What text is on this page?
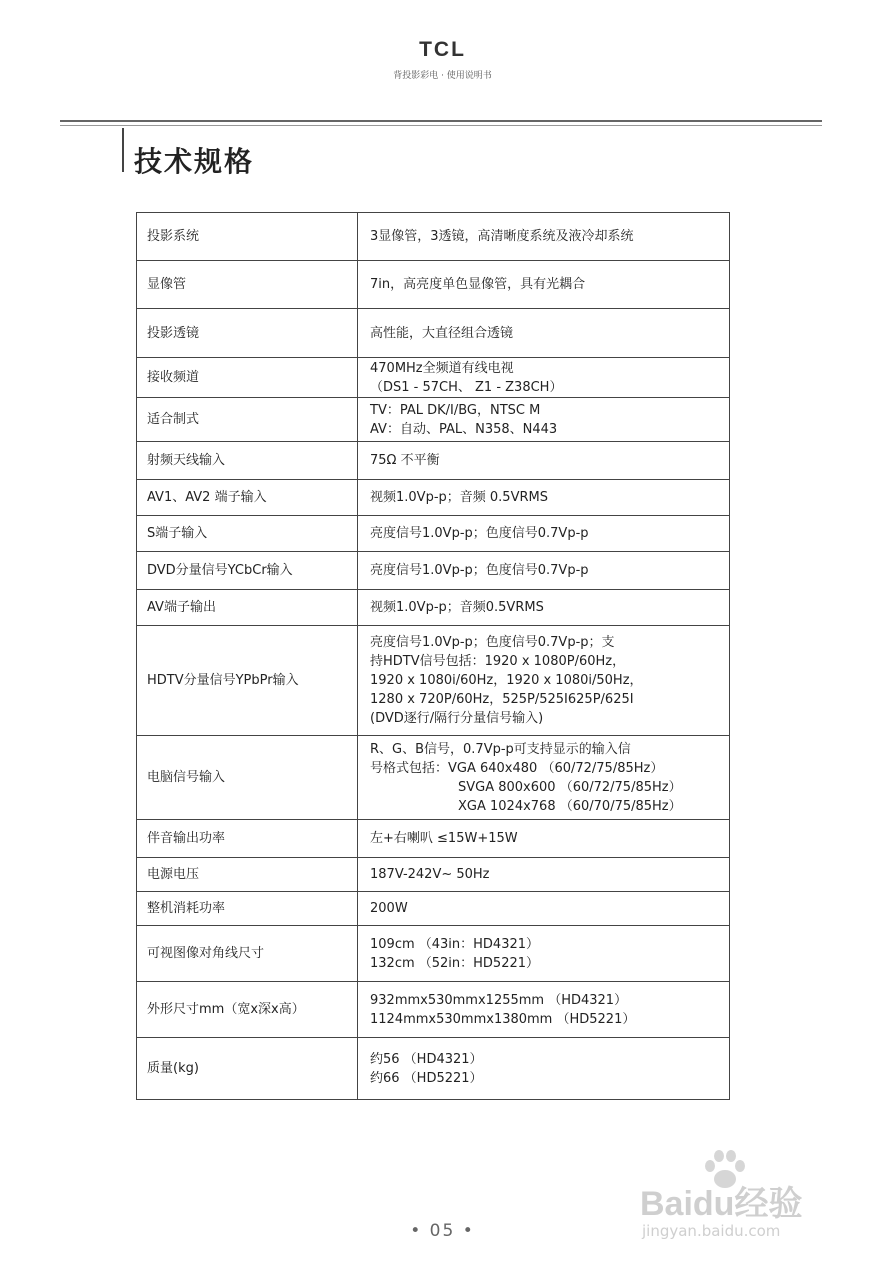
TCL
背投影彩电 · 使用说明书
技术规格
投影系统	3显像管，3透镜，高清晰度系统及液冷却系统

显像管	7in，高亮度单色显像管，具有光耦合

投影透镜	高性能，大直径组合透镜

接收频道	470MHz全频道有线电视
（DS1 - 57CH、 Z1 - Z38CH）

适合制式	TV：PAL DK/I/BG，NTSC M
AV：自动、PAL、N358、N443

射频天线输入	75Ω 不平衡

AV1、AV2 端子输入	视频1.0Vp-p；音频 0.5VRMS

S端子输入	亮度信号1.0Vp-p；色度信号0.7Vp-p

DVD分量信号YCbCr输入	亮度信号1.0Vp-p；色度信号0.7Vp-p

AV端子输出	视频1.0Vp-p；音频0.5VRMS

HDTV分量信号YPbPr输入	亮度信号1.0Vp-p；色度信号0.7Vp-p；支
持HDTV信号包括：1920 x 1080P/60Hz，
1920 x 1080i/60Hz，1920 x 1080i/50Hz，
1280 x 720P/60Hz，525P/525I625P/625I
(DVD逐行/隔行分量信号输入)

电脑信号输入	R、G、B信号，0.7Vp-p可支持显示的输入信
号格式包括：VGA 640x480 （60/72/75/85Hz）
SVGA 800x600 （60/72/75/85Hz）
XGA 1024x768 （60/70/75/85Hz）

伴音输出功率	左+右喇叭 ≤15W+15W

电源电压	187V-242V~ 50Hz

整机消耗功率	200W

可视图像对角线尺寸	109cm （43in：HD4321）
132cm （52in：HD5221）

外形尺寸mm（宽x深x高）	932mmx530mmx1255mm （HD4321）
1124mmx530mmx1380mm （HD5221）

质量(kg)	约56 （HD4321）
约66 （HD5221）
• 05 •
Baidu经验
jingyan.baidu.com
